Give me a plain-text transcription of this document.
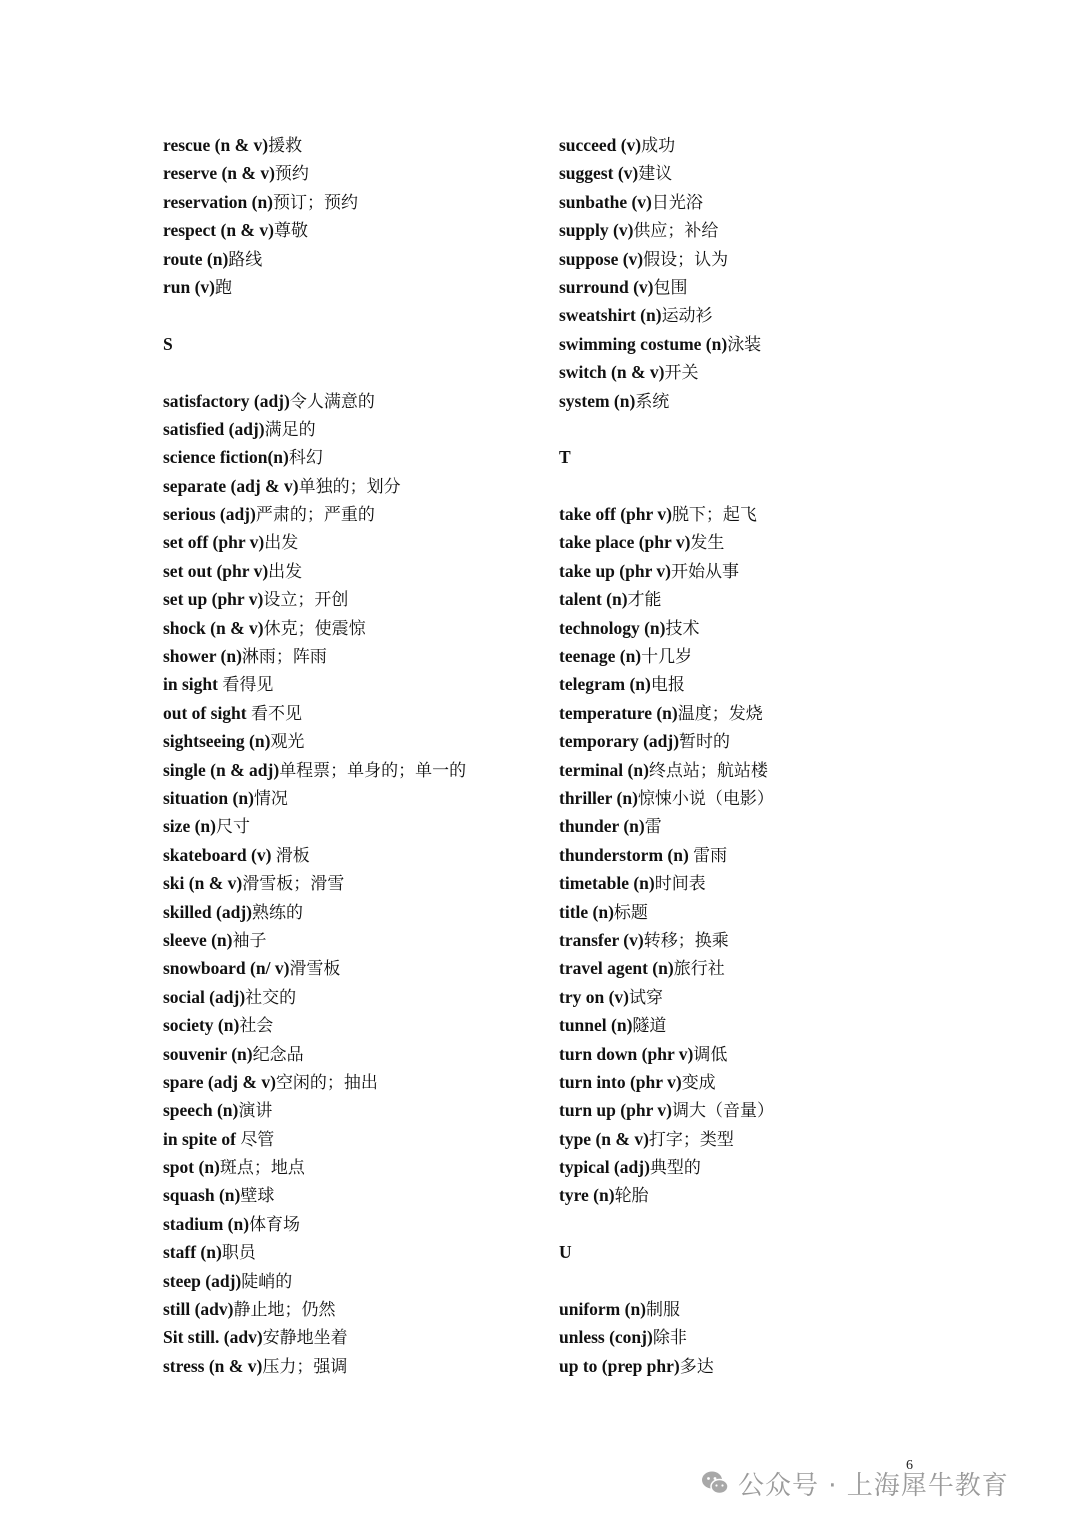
rescue (n & v)援救
reserve (n & v)预约
reservation (n)预订；预约
respect (n & v)尊敬
route (n)路线
run (v)跑
S
satisfactory (adj)令人满意的
satisfied (adj)满足的
science fiction(n)科幻
separate (adj & v)单独的；划分
serious (adj)严肃的；严重的
set off (phr v)出发
set out (phr v)出发
set up (phr v)设立；开创
shock (n & v)休克；使震惊
shower (n)淋雨；阵雨
in sight 看得见
out of sight 看不见
sightseeing (n)观光
single (n & adj)单程票；单身的；单一的
situation (n)情况
size (n)尺寸
skateboard (v) 滑板
ski (n & v)滑雪板；滑雪
skilled (adj)熟练的
sleeve (n)袖子
snowboard (n/ v)滑雪板
social (adj)社交的
society (n)社会
souvenir (n)纪念品
spare (adj & v)空闲的；抽出
speech (n)演讲
in spite of 尽管
spot (n)斑点；地点
squash (n)壁球
stadium (n)体育场
staff (n)职员
steep (adj)陡峭的
still (adv)静止地；仍然
Sit still. (adv)安静地坐着
stress (n & v)压力；强调
succeed (v)成功
suggest (v)建议
sunbathe (v)日光浴
supply (v)供应；补给
suppose (v)假设；认为
surround (v)包围
sweatshirt (n)运动衫
swimming costume (n)泳装
switch (n & v)开关
system (n)系统
T
take off (phr v)脱下；起飞
take place (phr v)发生
take up (phr v)开始从事
talent (n)才能
technology (n)技术
teenage (n)十几岁
telegram (n)电报
temperature (n)温度；发烧
temporary (adj)暂时的
terminal (n)终点站；航站楼
thriller (n)惊悚小说（电影）
thunder (n)雷
thunderstorm (n) 雷雨
timetable (n)时间表
title (n)标题
transfer (v)转移；换乘
travel agent (n)旅行社
try on (v)试穿
tunnel (n)隧道
turn down (phr v)调低
turn into (phr v)变成
turn up (phr v)调大（音量）
type (n & v)打字；类型
typical (adj)典型的
tyre (n)轮胎
U
uniform (n)制服
unless (conj)除非
up to (prep phr)多达
6
公众号 · 上海犀牛教育
